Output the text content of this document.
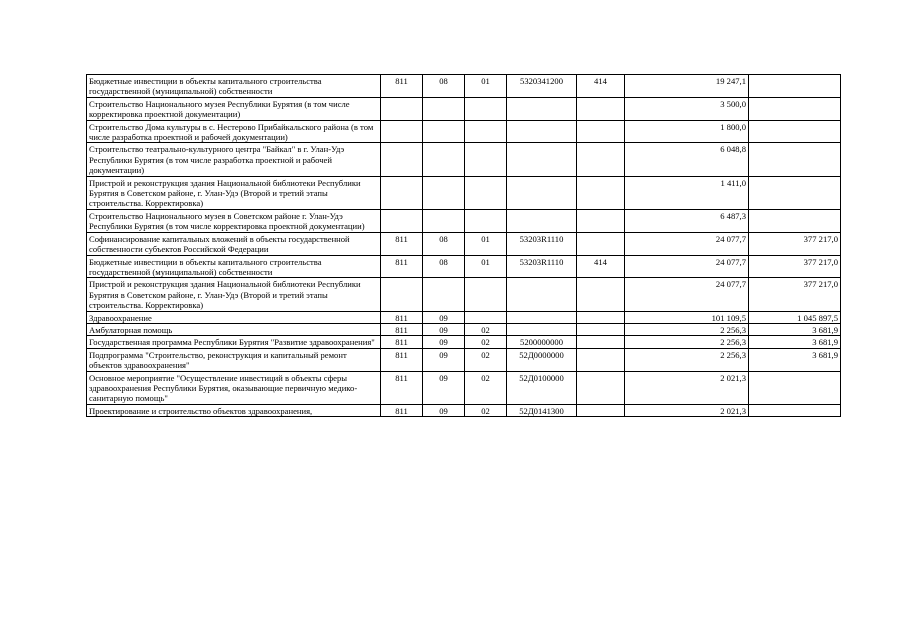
Бюджетные инвестиции в объекты капитального строительства государственной (муниципальной) собственности	811	08	01	5320341200	414	19 247,1	
Строительство Национального музея Республики Бурятия (в том числе корректировка проектной документации)						3 500,0	
Строительство Дома культуры в с. Нестерово Прибайкальского района (в том числе разработка проектной и рабочей документации)						1 800,0	
Строительство театрально-культурного центра "Байкал" в г. Улан-Удэ Республики Бурятия (в том числе разработка проектной и рабочей документации)						6 048,8	
Пристрой и реконструкция здания Национальной библиотеки Республики Бурятия в Советском районе, г. Улан-Удэ (Второй и третий этапы строительства. Корректировка)						1 411,0	
Строительство Национального музея в Советском районе г. Улан-Удэ Республики Бурятия (в том числе корректировка проектной документации)						6 487,3	
Софинансирование капитальных вложений в объекты государственной собственности субъектов Российской Федерации	811	08	01	53203R1110		24 077,7	377 217,0
Бюджетные инвестиции в объекты капитального строительства государственной (муниципальной) собственности	811	08	01	53203R1110	414	24 077,7	377 217,0
Пристрой и реконструкция здания Национальной библиотеки Республики Бурятия в Советском районе, г. Улан-Удэ (Второй и третий этапы строительства. Корректировка)						24 077,7	377 217,0
Здравоохранение	811	09				101 109,5	1 045 897,5
Амбулаторная помощь	811	09	02			2 256,3	3 681,9
Государственная программа Республики Бурятия "Развитие здравоохранения"	811	09	02	5200000000		2 256,3	3 681,9
Подпрограмма "Строительство, реконструкция и капитальный ремонт объектов здравоохранения"	811	09	02	52Д0000000		2 256,3	3 681,9
Основное мероприятие "Осуществление инвестиций в объекты сферы здравоохранения Республики Бурятия, оказывающие первичную медико-санитарную помощь"	811	09	02	52Д0100000		2 021,3	
Проектирование и строительство объектов здравоохранения,	811	09	02	52Д0141300		2 021,3	
